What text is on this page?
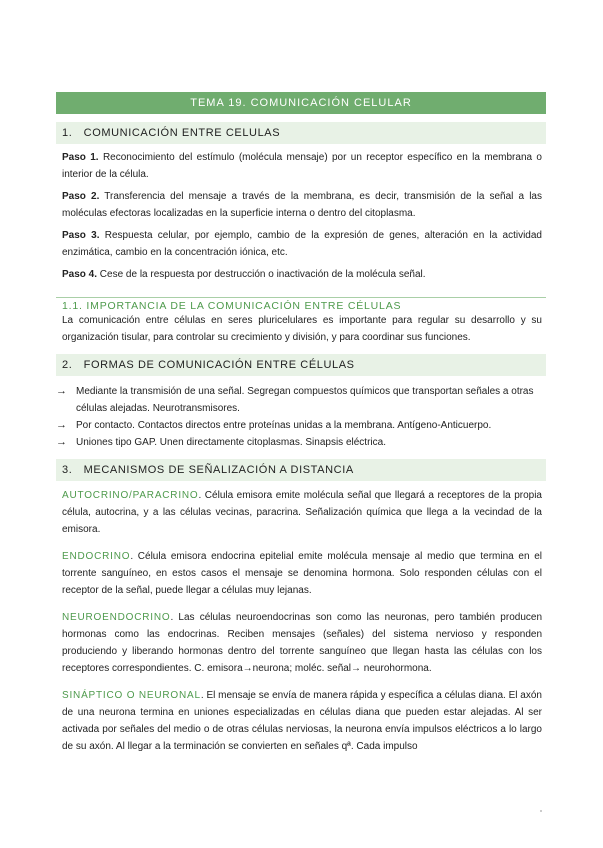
TEMA 19. COMUNICACIÓN CELULAR
1. COMUNICACIÓN ENTRE CELULAS
Paso 1. Reconocimiento del estímulo (molécula mensaje) por un receptor específico en la membrana o interior de la célula.
Paso 2. Transferencia del mensaje a través de la membrana, es decir, transmisión de la señal a las moléculas efectoras localizadas en la superficie interna o dentro del citoplasma.
Paso 3. Respuesta celular, por ejemplo, cambio de la expresión de genes, alteración en la actividad enzimática, cambio en la concentración iónica, etc.
Paso 4. Cese de la respuesta por destrucción o inactivación de la molécula señal.
1.1. IMPORTANCIA DE LA COMUNICACIÓN ENTRE CÉLULAS
La comunicación entre células en seres pluricelulares es importante para regular su desarrollo y su organización tisular, para controlar su crecimiento y división, y para coordinar sus funciones.
2. FORMAS DE COMUNICACIÓN ENTRE CÉLULAS
→ Mediante la transmisión de una señal. Segregan compuestos químicos que transportan señales a otras células alejadas. Neurotransmisores.
→ Por contacto. Contactos directos entre proteínas unidas a la membrana. Antígeno-Anticuerpo.
→ Uniones tipo GAP. Unen directamente citoplasmas. Sinapsis eléctrica.
3. MECANISMOS DE SEÑALIZACIÓN A DISTANCIA
AUTOCRINO/PARACRINO. Célula emisora emite molécula señal que llegará a receptores de la propia célula, autocrina, y a las células vecinas, paracrina. Señalización química que llega a la vecindad de la emisora.
ENDOCRINO. Célula emisora endocrina epitelial emite molécula mensaje al medio que termina en el torrente sanguíneo, en estos casos el mensaje se denomina hormona. Solo responden células con el receptor de la señal, puede llegar a células muy lejanas.
NEUROENDOCRINO. Las células neuroendocrinas son como las neuronas, pero también producen hormonas como las endocrinas. Reciben mensajes (señales) del sistema nervioso y responden produciendo y liberando hormonas dentro del torrente sanguíneo que llegan hasta las células con los receptores correspondientes. C. emisora→neurona; moléc. señal→ neurohormona.
SINÁPTICO O NEURONAL. El mensaje se envía de manera rápida y específica a células diana. El axón de una neurona termina en uniones especializadas en células diana que pueden estar alejadas. Al ser activada por señales del medio o de otras células nerviosas, la neurona envía impulsos eléctricos a lo largo de su axón. Al llegar a la terminación se convierten en señales qª. Cada impulso
